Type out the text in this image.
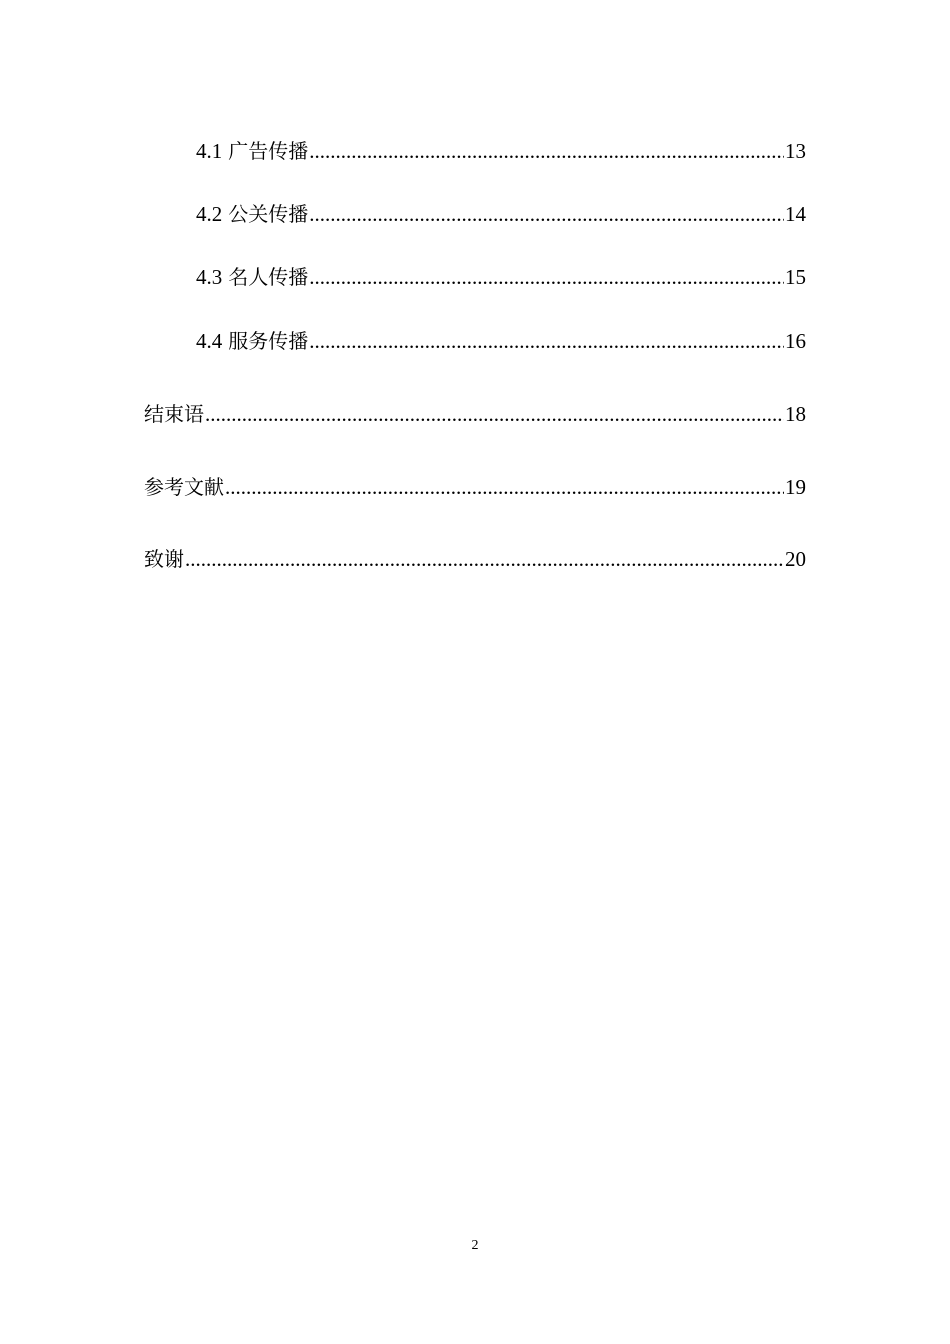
4.1 广告传播 .....	13
4.2 公关传播 .....	14
4.3 名人传播 .....	15
4.4 服务传播 .....	16
结束语 .....	18
参考文献 .....	19
致谢 .....	20
2
